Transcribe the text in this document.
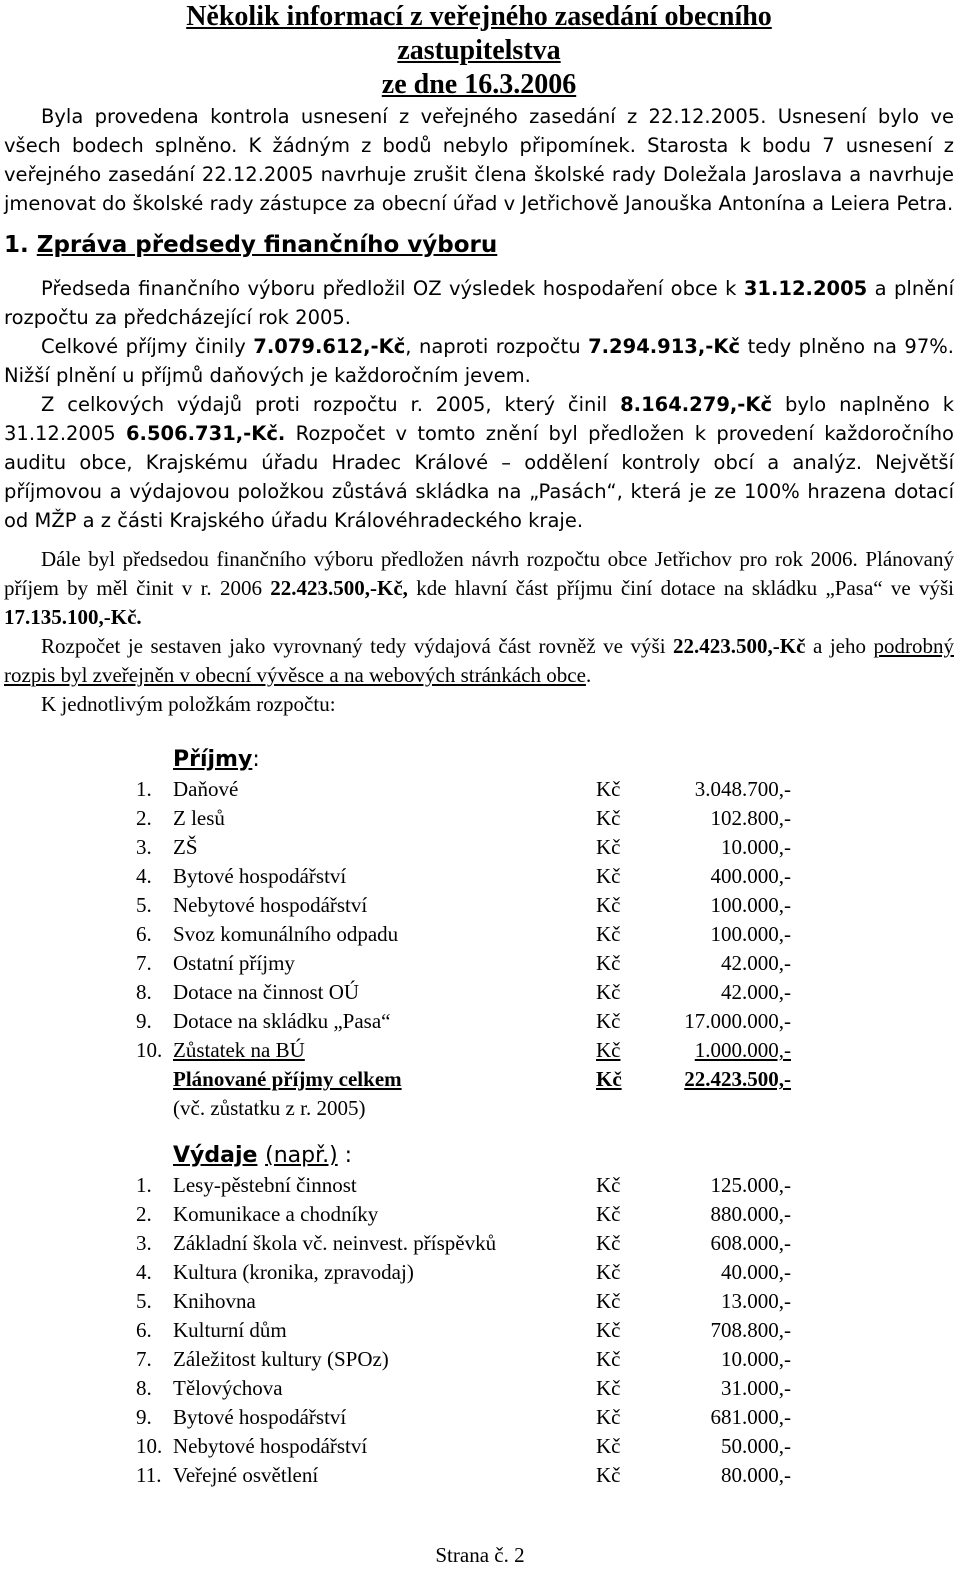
Několik informací z veřejného zasedání obecního
zastupitelstva
ze dne 16.3.2006

Byla provedena kontrola usnesení z veřejného zasedání z 22.12.2005. Usnesení bylo ve všech bodech splněno. K žádným z bodů nebylo připomínek. Starosta k bodu 7 usnesení z veřejného zasedání 22.12.2005 navrhuje zrušit člena školské rady Doležala Jaroslava a navrhuje jmenovat do školské rady zástupce za obecní úřad v Jetřichově Janouška Antonína a Leiera Petra.

1. Zpráva předsedy finančního výboru

Předseda finančního výboru předložil OZ výsledek hospodaření obce k 31.12.2005 a plnění rozpočtu za předcházející rok 2005.

Celkové příjmy činily 7.079.612,-Kč, naproti rozpočtu 7.294.913,-Kč tedy plněno na 97%. Nižší plnění u příjmů daňových je každoročním jevem.

Z celkových výdajů proti rozpočtu r. 2005, který činil 8.164.279,-Kč bylo naplněno k 31.12.2005 6.506.731,-Kč. Rozpočet v tomto znění byl předložen k provedení každoročního auditu obce, Krajskému úřadu Hradec Králové – oddělení kontroly obcí a analýz. Největší příjmovou a výdajovou položkou zůstává skládka na „Pasách“, která je ze 100% hrazena dotací od MŽP a z části Krajského úřadu Královéhradeckého kraje.

Dále byl předsedou finančního výboru předložen návrh rozpočtu obce Jetřichov pro rok 2006. Plánovaný příjem by měl činit v r. 2006 22.423.500,-Kč, kde hlavní část příjmu činí dotace na skládku „Pasa“ ve výši 17.135.100,-Kč.

Rozpočet je sestaven jako vyrovnaný tedy výdajová část rovněž ve výši 22.423.500,-Kč a jeho podrobný rozpis byl zveřejněn v obecní vývěsce a na webových stránkách obce.

K jednotlivým položkám rozpočtu:

Příjmy:
1.	Daňové	Kč	3.048.700,-
2.	Z lesů	Kč	102.800,-
3.	ZŠ	Kč	10.000,-
4.	Bytové hospodářství	Kč	400.000,-
5.	Nebytové hospodářství	Kč	100.000,-
6.	Svoz komunálního odpadu	Kč	100.000,-
7.	Ostatní příjmy	Kč	42.000,-
8.	Dotace na činnost OÚ	Kč	42.000,-
9.	Dotace na skládku „Pasa“	Kč	17.000.000,-
10. Zůstatek na BÚ	Kč	1.000.000,-
Plánované příjmy celkem	Kč	22.423.500,-
(vč. zůstatku z r. 2005)
Výdaje (např.) :
1.	Lesy-pěstební činnost	Kč	125.000,-
2.	Komunikace a chodníky	Kč	880.000,-
3.	Základní škola vč. neinvest. příspěvků	Kč	608.000,-
4.	Kultura (kronika, zpravodaj)	Kč	40.000,-
5.	Knihovna	Kč	13.000,-
6.	Kulturní dům	Kč	708.800,-
7.	Záležitost kultury (SPOz)	Kč	10.000,-
8.	Tělovýchova	Kč	31.000,-
9.	Bytové hospodářství	Kč	681.000,-
10. Nebytové hospodářství	Kč	50.000,-
11. Veřejné osvětlení	Kč	80.000,-
Strana č. 2
